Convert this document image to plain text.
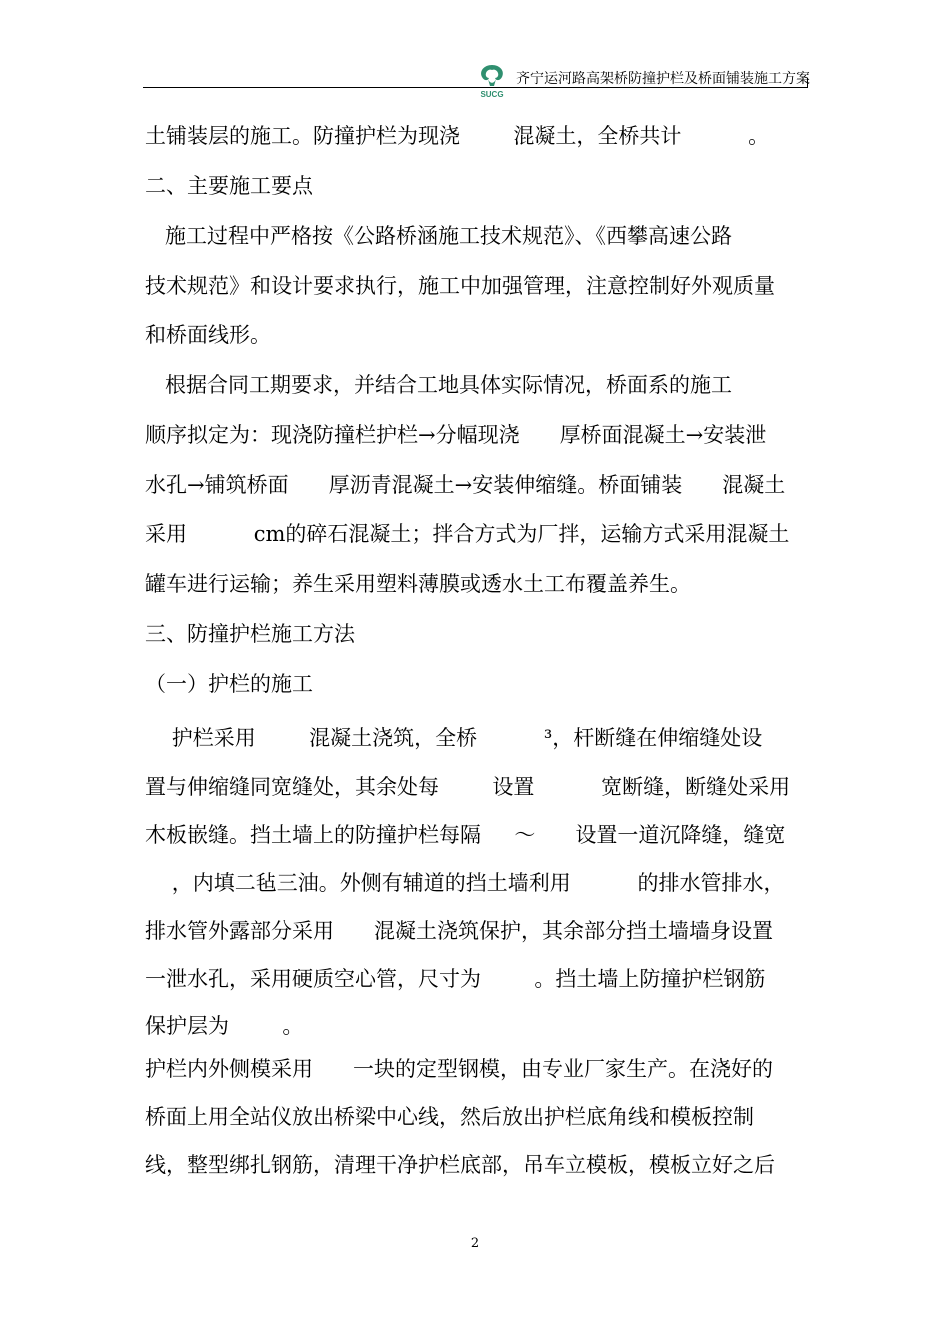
SUCG
齐宁运河路高架桥防撞护栏及桥面铺装施工方案
土铺装层的施工。防撞护栏为现浇        混凝土，全桥共计          。
二、主要施工要点
施工过程中严格按《公路桥涵施工技术规范》、《西攀高速公路
技术规范》和设计要求执行，施工中加强管理，注意控制好外观质量
和桥面线形。
根据合同工期要求，并结合工地具体实际情况，桥面系的施工
顺序拟定为：现浇防撞栏护栏→分幅现浇      厚桥面混凝土→安装泄
水孔→铺筑桥面      厚沥青混凝土→安装伸缩缝。桥面铺装      混凝土
采用          cm的碎石混凝土；拌合方式为厂拌，运输方式采用混凝土
罐车进行运输；养生采用塑料薄膜或透水土工布覆盖养生。
三、防撞护栏施工方法
（一）护栏的施工
护栏采用        混凝土浇筑，全桥          ³，杆断缝在伸缩缝处设
置与伸缩缝同宽缝处，其余处每        设置          宽断缝，断缝处采用
木板嵌缝。挡土墙上的防撞护栏每隔     ～      设置一道沉降缝，缝宽
，内填二毡三油。外侧有辅道的挡土墙利用          的排水管排水，
排水管外露部分采用      混凝土浇筑保护，其余部分挡土墙墙身设置
一泄水孔，采用硬质空心管，尺寸为        。挡土墙上防撞护栏钢筋
保护层为        。
护栏内外侧模采用      一块的定型钢模，由专业厂家生产。在浇好的
桥面上用全站仪放出桥梁中心线，然后放出护栏底角线和模板控制
线，整型绑扎钢筋，清理干净护栏底部，吊车立模板，模板立好之后
2
